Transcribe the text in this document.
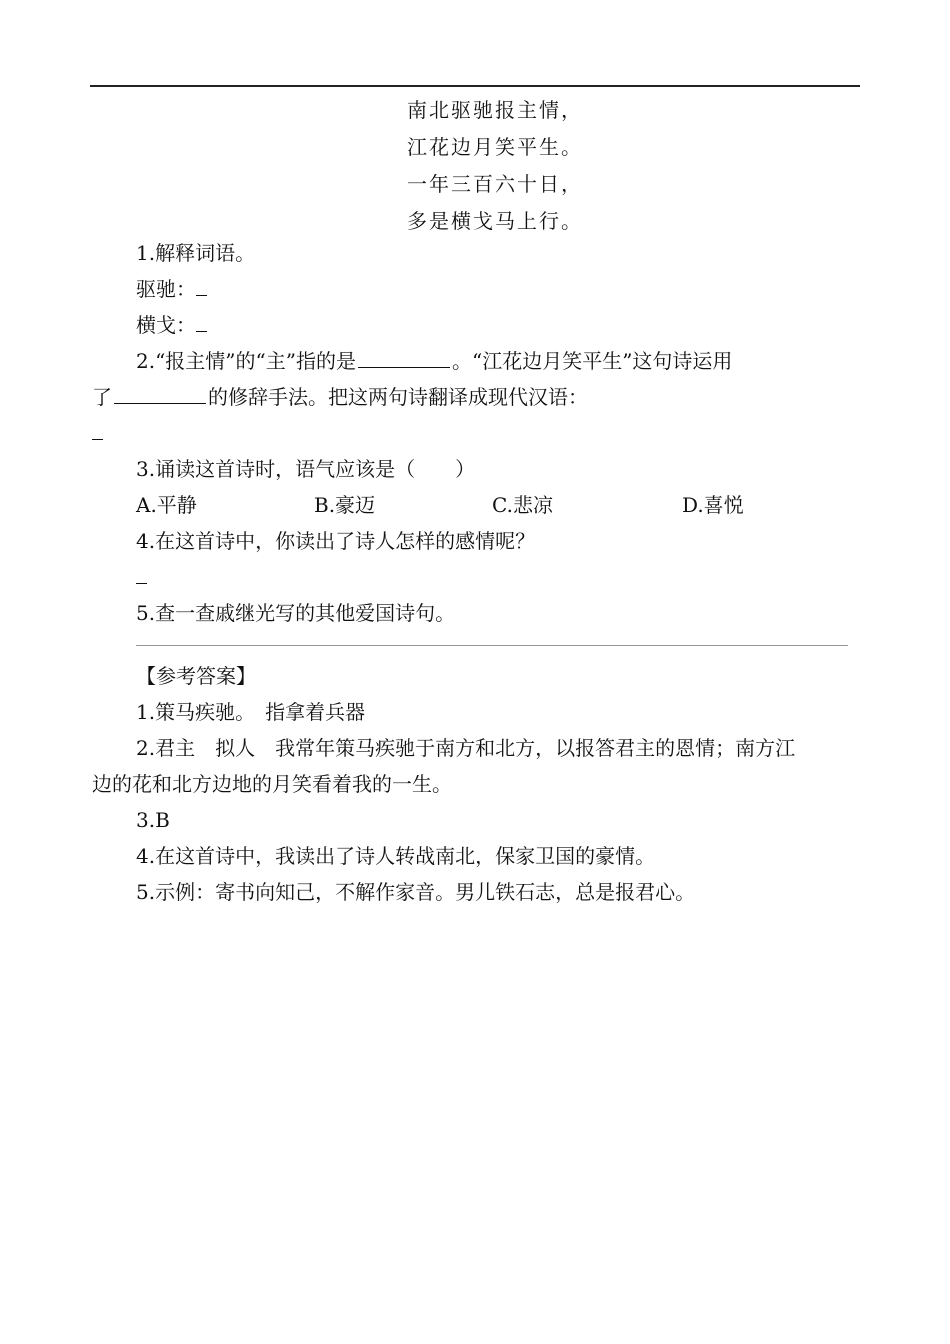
南北驱驰报主情，
江花边月笑平生。
一年三百六十日，
多是横戈马上行。
1.解释词语。
驱驰：
横戈：
2.“报主情”的“主”指的是	。“江花边月笑平生”这句诗运用
了	的修辞手法。把这两句诗翻译成现代汉语：
3.诵读这首诗时，语气应该是（　　）
A.平静	B.豪迈	C.悲凉	D.喜悦
4.在这首诗中，你读出了诗人怎样的感情呢？
5.查一查戚继光写的其他爱国诗句。
【参考答案】
1.策马疾驰。　指拿着兵器
2.君主　拟人　我常年策马疾驰于南方和北方，以报答君主的恩情；南方江
边的花和北方边地的月笑看着我的一生。
3.B
4.在这首诗中，我读出了诗人转战南北，保家卫国的豪情。
5.示例：寄书向知己，不解作家音。男儿铁石志，总是报君心。
